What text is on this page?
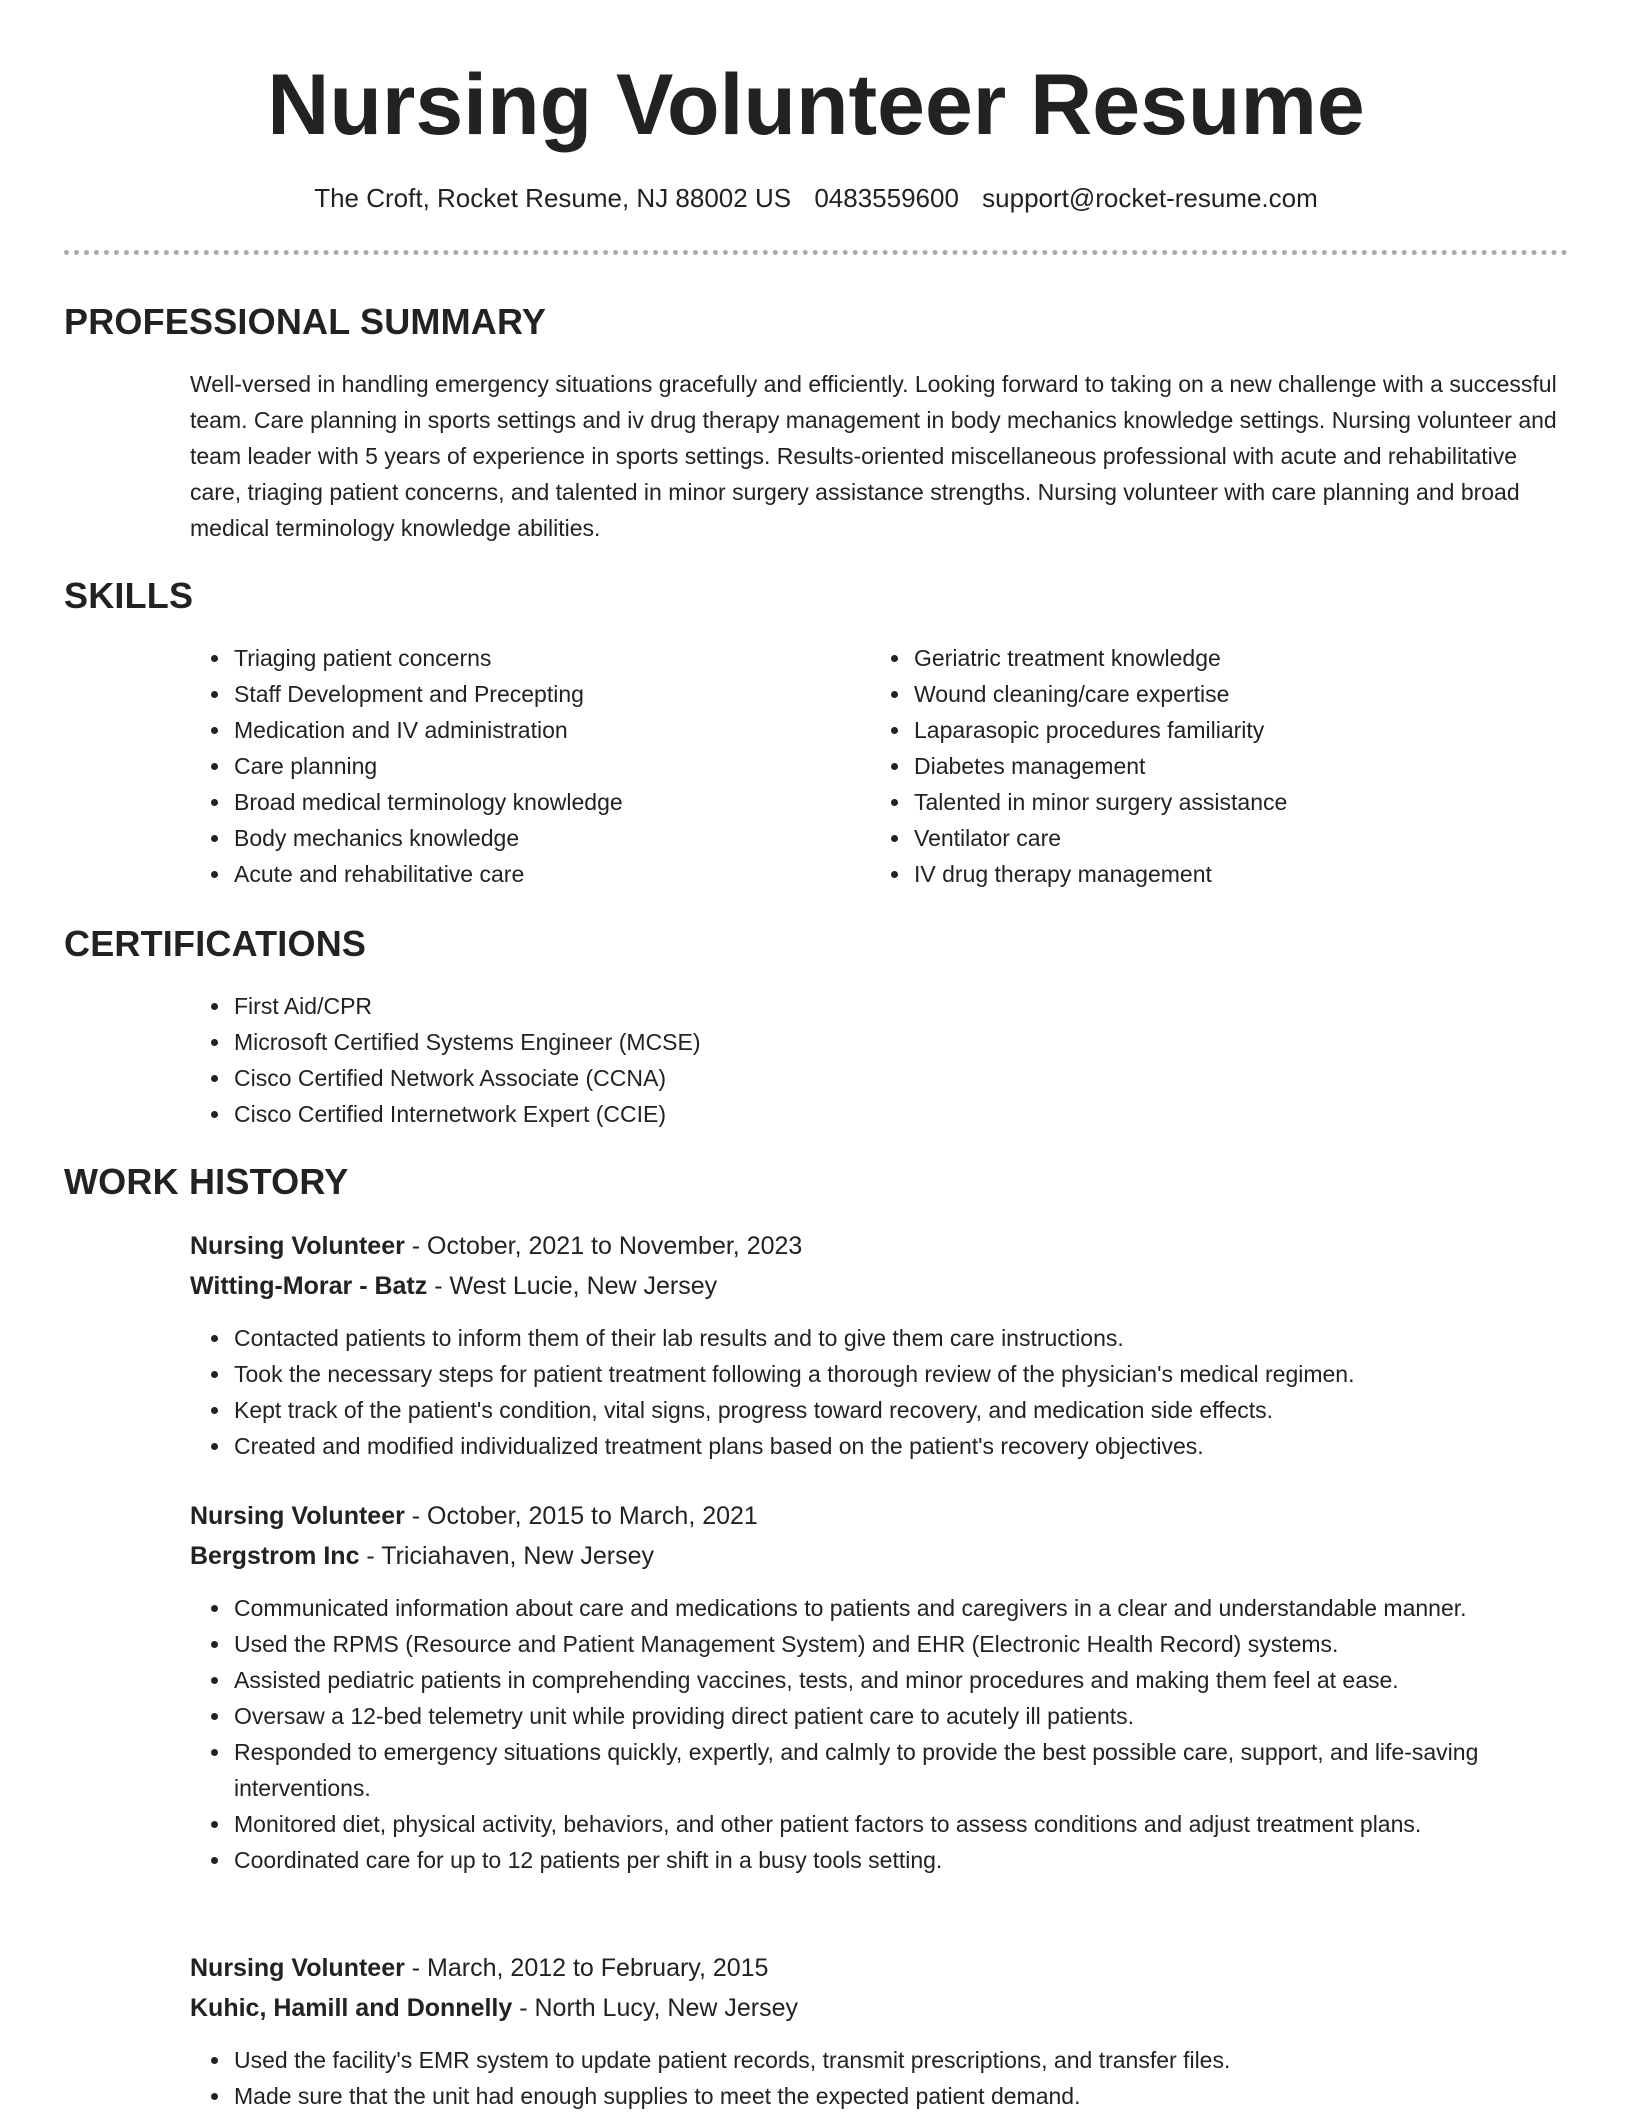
Nursing Volunteer Resume
The Croft, Rocket Resume, NJ 88002 US 0483559600 support@rocket-resume.com
PROFESSIONAL SUMMARY

Well-versed in handling emergency situations gracefully and efficiently. Looking forward to taking on a new challenge with a successful team. Care planning in sports settings and iv drug therapy management in body mechanics knowledge settings. Nursing volunteer and team leader with 5 years of experience in sports settings. Results-oriented miscellaneous professional with acute and rehabilitative care, triaging patient concerns, and talented in minor surgery assistance strengths. Nursing volunteer with care planning and broad medical terminology knowledge abilities.

SKILLS
• Triaging patient concerns
• Staff Development and Precepting
• Medication and IV administration
• Care planning
• Broad medical terminology knowledge
• Body mechanics knowledge
• Acute and rehabilitative care
• Geriatric treatment knowledge
• Wound cleaning/care expertise
• Laparasopic procedures familiarity
• Diabetes management
• Talented in minor surgery assistance
• Ventilator care
• IV drug therapy management
CERTIFICATIONS
• First Aid/CPR
• Microsoft Certified Systems Engineer (MCSE)
• Cisco Certified Network Associate (CCNA)
• Cisco Certified Internetwork Expert (CCIE)
WORK HISTORY
Nursing Volunteer - October, 2021 to November, 2023
Witting-Morar - Batz - West Lucie, New Jersey
• Contacted patients to inform them of their lab results and to give them care instructions.
• Took the necessary steps for patient treatment following a thorough review of the physician's medical regimen.
• Kept track of the patient's condition, vital signs, progress toward recovery, and medication side effects.
• Created and modified individualized treatment plans based on the patient's recovery objectives.
Nursing Volunteer - October, 2015 to March, 2021
Bergstrom Inc - Triciahaven, New Jersey
• Communicated information about care and medications to patients and caregivers in a clear and understandable manner.
• Used the RPMS (Resource and Patient Management System) and EHR (Electronic Health Record) systems.
• Assisted pediatric patients in comprehending vaccines, tests, and minor procedures and making them feel at ease.
• Oversaw a 12-bed telemetry unit while providing direct patient care to acutely ill patients.
• Responded to emergency situations quickly, expertly, and calmly to provide the best possible care, support, and life-saving interventions.
• Monitored diet, physical activity, behaviors, and other patient factors to assess conditions and adjust treatment plans.
• Coordinated care for up to 12 patients per shift in a busy tools setting.
Nursing Volunteer - March, 2012 to February, 2015
Kuhic, Hamill and Donnelly - North Lucy, New Jersey
• Used the facility's EMR system to update patient records, transmit prescriptions, and transfer files.
• Made sure that the unit had enough supplies to meet the expected patient demand.
